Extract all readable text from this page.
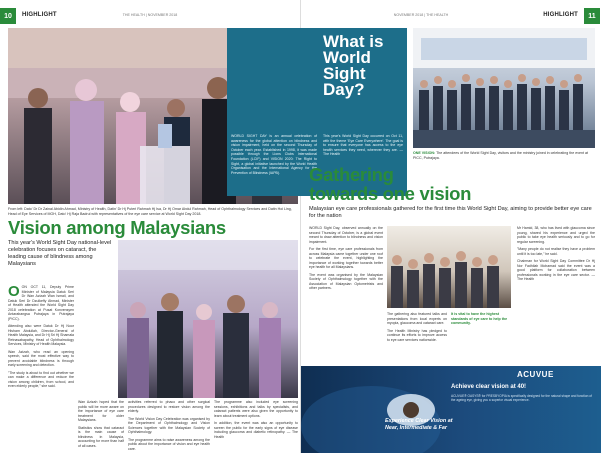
10	HIGHLIGHT	THE HEALTH | NOVEMBER 2018
From left: Dato' Dr Dr Zainal Abidin Ahmad, Ministry of Health, Datin' Dr Hj Puteri Rahmah Hj Isa, Dr Hj Omar Abdul Rahmah, Head of Ophthalmology Services and Datin Hoi Ling, Head of Eye Services of MOH, Dato' Hj Raja Badrul with representatives of the eye care service at World Sight Day 2018.
Vision among Malaysians
This year's World Sight Day national-level celebration focuses on cataract, the leading cause of blindness among Malaysians

OON OCT 11, Deputy Prime Minister of Malaysia Datuk Seri Dr Wan Azizah Wan Ismail, and Datuk Seri Dr Dzulkefly Ahmad, Minister of Health attended the World Sight Day 2018 celebration at Pusat Konvensyen Antarabangsa Putrajaya in Putrajaya (PICC).

Attending also were Datuk Dr Hj Noor Hisham Abdullah, Director-General of Health Malaysia, and Dr Hj Sri Hj Shamala Retnasabapathy, Head of Ophthalmology Services, Ministry of Health Malaysia.

Wan Azizah, who read an opening speech, said the most effective way to prevent avoidable blindness is through early screening and detection.

"The study is about to find out whether we can make a difference and reduce the vision among children, from school, and even elderly people," she said.

Wan Azizah hoped that the public will be more aware on the importance of eye care treatment for older Malaysians.

Statistics show that cataract is the main cause of blindness in Malaysia, accounting for more than half of all cases.

activities referred to phaco and other surgical procedures designed to restore vision among the elderly.

The World Vision Day Celebration was organised by the Department of Ophthalmology and Vision Sciences together with the Malaysian Society of Ophthalmology.

The programme aims to raise awareness among the public about the importance of vision and eye health care.

The programme also included eye screening sessions, exhibitions and talks by specialists, and cataract patients were also given the opportunity to learn about treatment options.

In addition, the event was also an opportunity to screen the public for the early signs of eye disease including glaucoma and diabetic retinopathy. — The Health

NOVEMBER 2018 | THE HEALTH	HIGHLIGHT	11
What is World Sight Day?
WORLD SIGHT DAY is an annual celebration of awareness for the global attention on blindness and vision impairment, held on the second Thursday of October each year. Established in 1998, it was made possible through the Lions Clubs International Foundation (LCIF) and VISION 2020: The Right to Sight, a global initiative launched by the World Health Organisation and the International Agency for the Prevention of Blindness (IAPB).
This year's World Sight Day occurred on Oct 11, with the theme 'Eye Care Everywhere'. The goal is to ensure that everyone has access to the eye health services they need, wherever they are. — The Health	ONE VISION: The attendees of the World Sight Day, visitors and the ministry joined in celebrating the event at PICC, Putrajaya.
Gathering
towards one vision
Malaysian eye care professionals gathered for the first time this World Sight Day, aiming to provide better eye care for the nation

WORLD Sight Day, observed annually on the second Thursday of October, is a global event meant to draw attention to blindness and vision impairment.

For the first time, eye care professionals from across Malaysia came together under one roof to celebrate the event, highlighting the importance of working together towards better eye health for all Malaysians.

The event was organised by the Malaysian Society of Ophthalmology together with the Association of Malaysian Optometrists and other partners.

It is vital to have the highest standards of eye care to help the community.

The gathering also featured talks and presentations from local experts on myopia, glaucoma and cataract care.

The Health Ministry has pledged to continue its efforts to improve access to eye care services nationwide.

Mr Hamid, 38, who has lived with glaucoma since young, shared his experience and urged the public to take eye health seriously and to go for regular screening.

"Many people do not realise they have a problem until it is too late," he said.

Chairman for World Sight Day Committee Dr Hj Nor Fadhilah Mohamad said the event was a good platform for collaboration between professionals working in the eye care sector. — The Health

ACUVUE
Achieve clear vision at 40!
ACUVUE® OASYS® for PRESBYOPIA is specifically designed for the natural shape and function of the ageing eye, giving you a superior visual experience.
Experience Clear Vision at Near, Intermediate & Far
